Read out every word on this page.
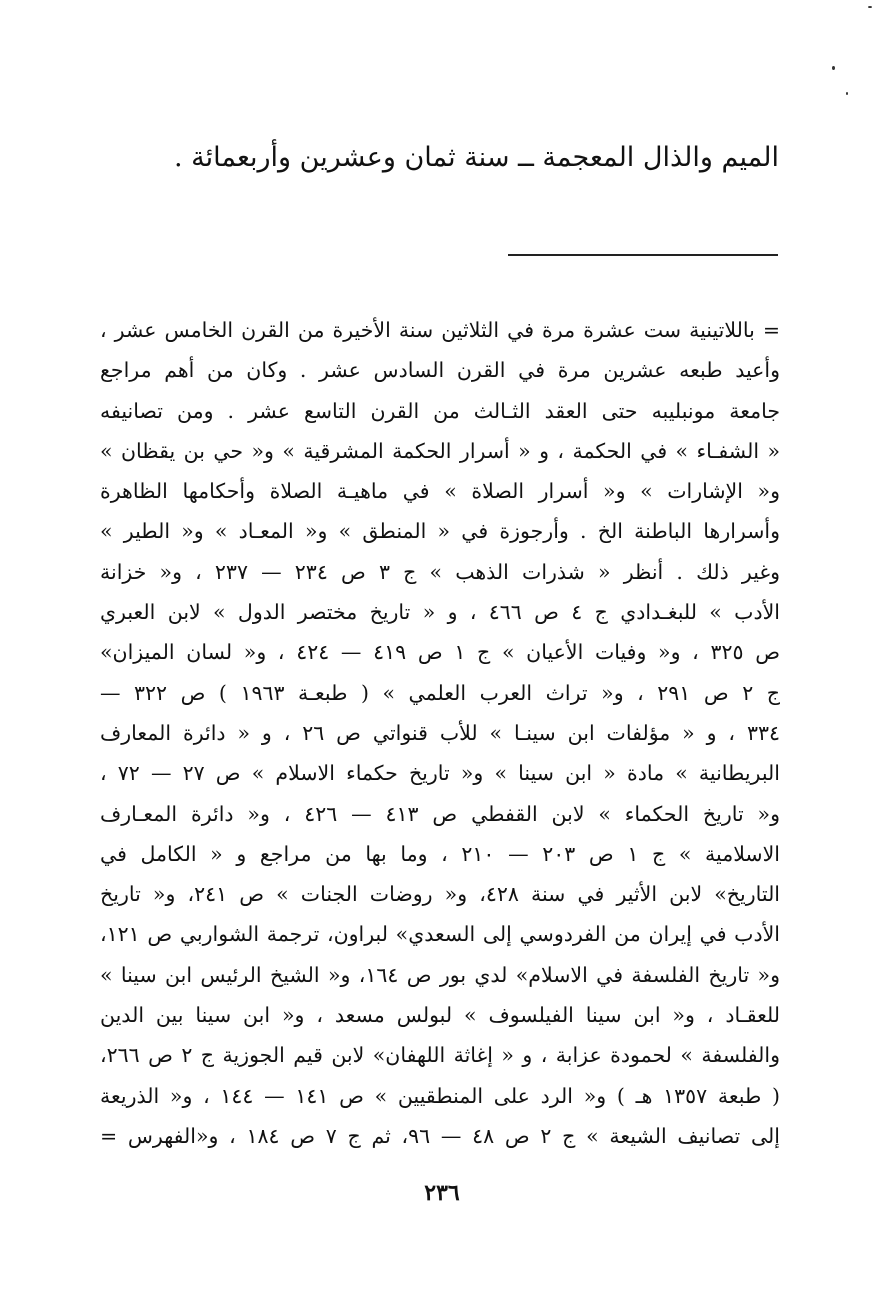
الميم والذال المعجمة ــ سنة ثمان وعشرين وأربعمائة .
= باللاتينية ست عشرة مرة في الثلاثين سنة الأخيرة من القرن الخامس عشر ،
وأعيد طبعه عشرين مرة في القرن السادس عشر . وكان من أهم مراجع
جامعة مونبليبه حتى العقد الثـالث من القرن التاسع عشر . ومن تصانيفه
« الشفـاء » في الحكمة ، و « أسرار الحكمة المشرقية » و« حي بن يقظان »
و« الإشارات » و« أسرار الصلاة » في ماهيـة الصلاة وأحكامها الظاهرة
وأسرارها الباطنة الخ . وأرجوزة في « المنطق » و« المعـاد » و« الطير »
وغير ذلك . أنظر « شذرات الذهب » ج ٣ ص ٢٣٤ — ٢٣٧ ، و« خزانة
الأدب » للبغـدادي ج ٤ ص ٤٦٦ ، و « تاريخ مختصر الدول » لابن العبري
ص ٣٢٥ ، و« وفيات الأعيان » ج ١ ص ٤١٩ — ٤٢٤ ، و« لسان الميزان»
ج ٢ ص ٢٩١ ، و« تراث العرب العلمي » ( طبعـة ١٩٦٣ ) ص ٣٢٢ —
٣٣٤ ، و « مؤلفات ابن سينـا » للأب قنواتي ص ٢٦ ، و « دائرة المعارف
البريطانية » مادة « ابن سينا » و« تاريخ حكماء الاسلام » ص ٢٧ — ٧٢ ،
و« تاريخ الحكماء » لابن القفطي ص ٤١٣ — ٤٢٦ ، و« دائرة المعـارف
الاسلامية » ج ١ ص ٢٠٣ — ٢١٠ ، وما بها من مراجع و « الكامل في
التاريخ» لابن الأثير في سنة ٤٢٨، و« روضات الجنات » ص ٢٤١، و« تاريخ
الأدب في إيران من الفردوسي إلى السعدي» لبراون، ترجمة الشواربي ص ١٢١،
و« تاريخ الفلسفة في الاسلام» لدي بور ص ١٦٤، و« الشيخ الرئيس ابن سينا »
للعقـاد ، و« ابن سينا الفيلسوف » لبولس مسعد ، و« ابن سينا بين الدين
والفلسفة » لحمودة عزابة ، و « إغاثة اللهفان» لابن قيم الجوزية ج ٢ ص ٢٦٦،
( طبعة ١٣٥٧ هـ ) و« الرد على المنطقيين » ص ١٤١ — ١٤٤ ، و« الذريعة
إلى تصانيف الشيعة » ج ٢ ص ٤٨ — ٩٦، ثم ج ٧ ص ١٨٤ ، و«الفهرس =
٢٣٦
